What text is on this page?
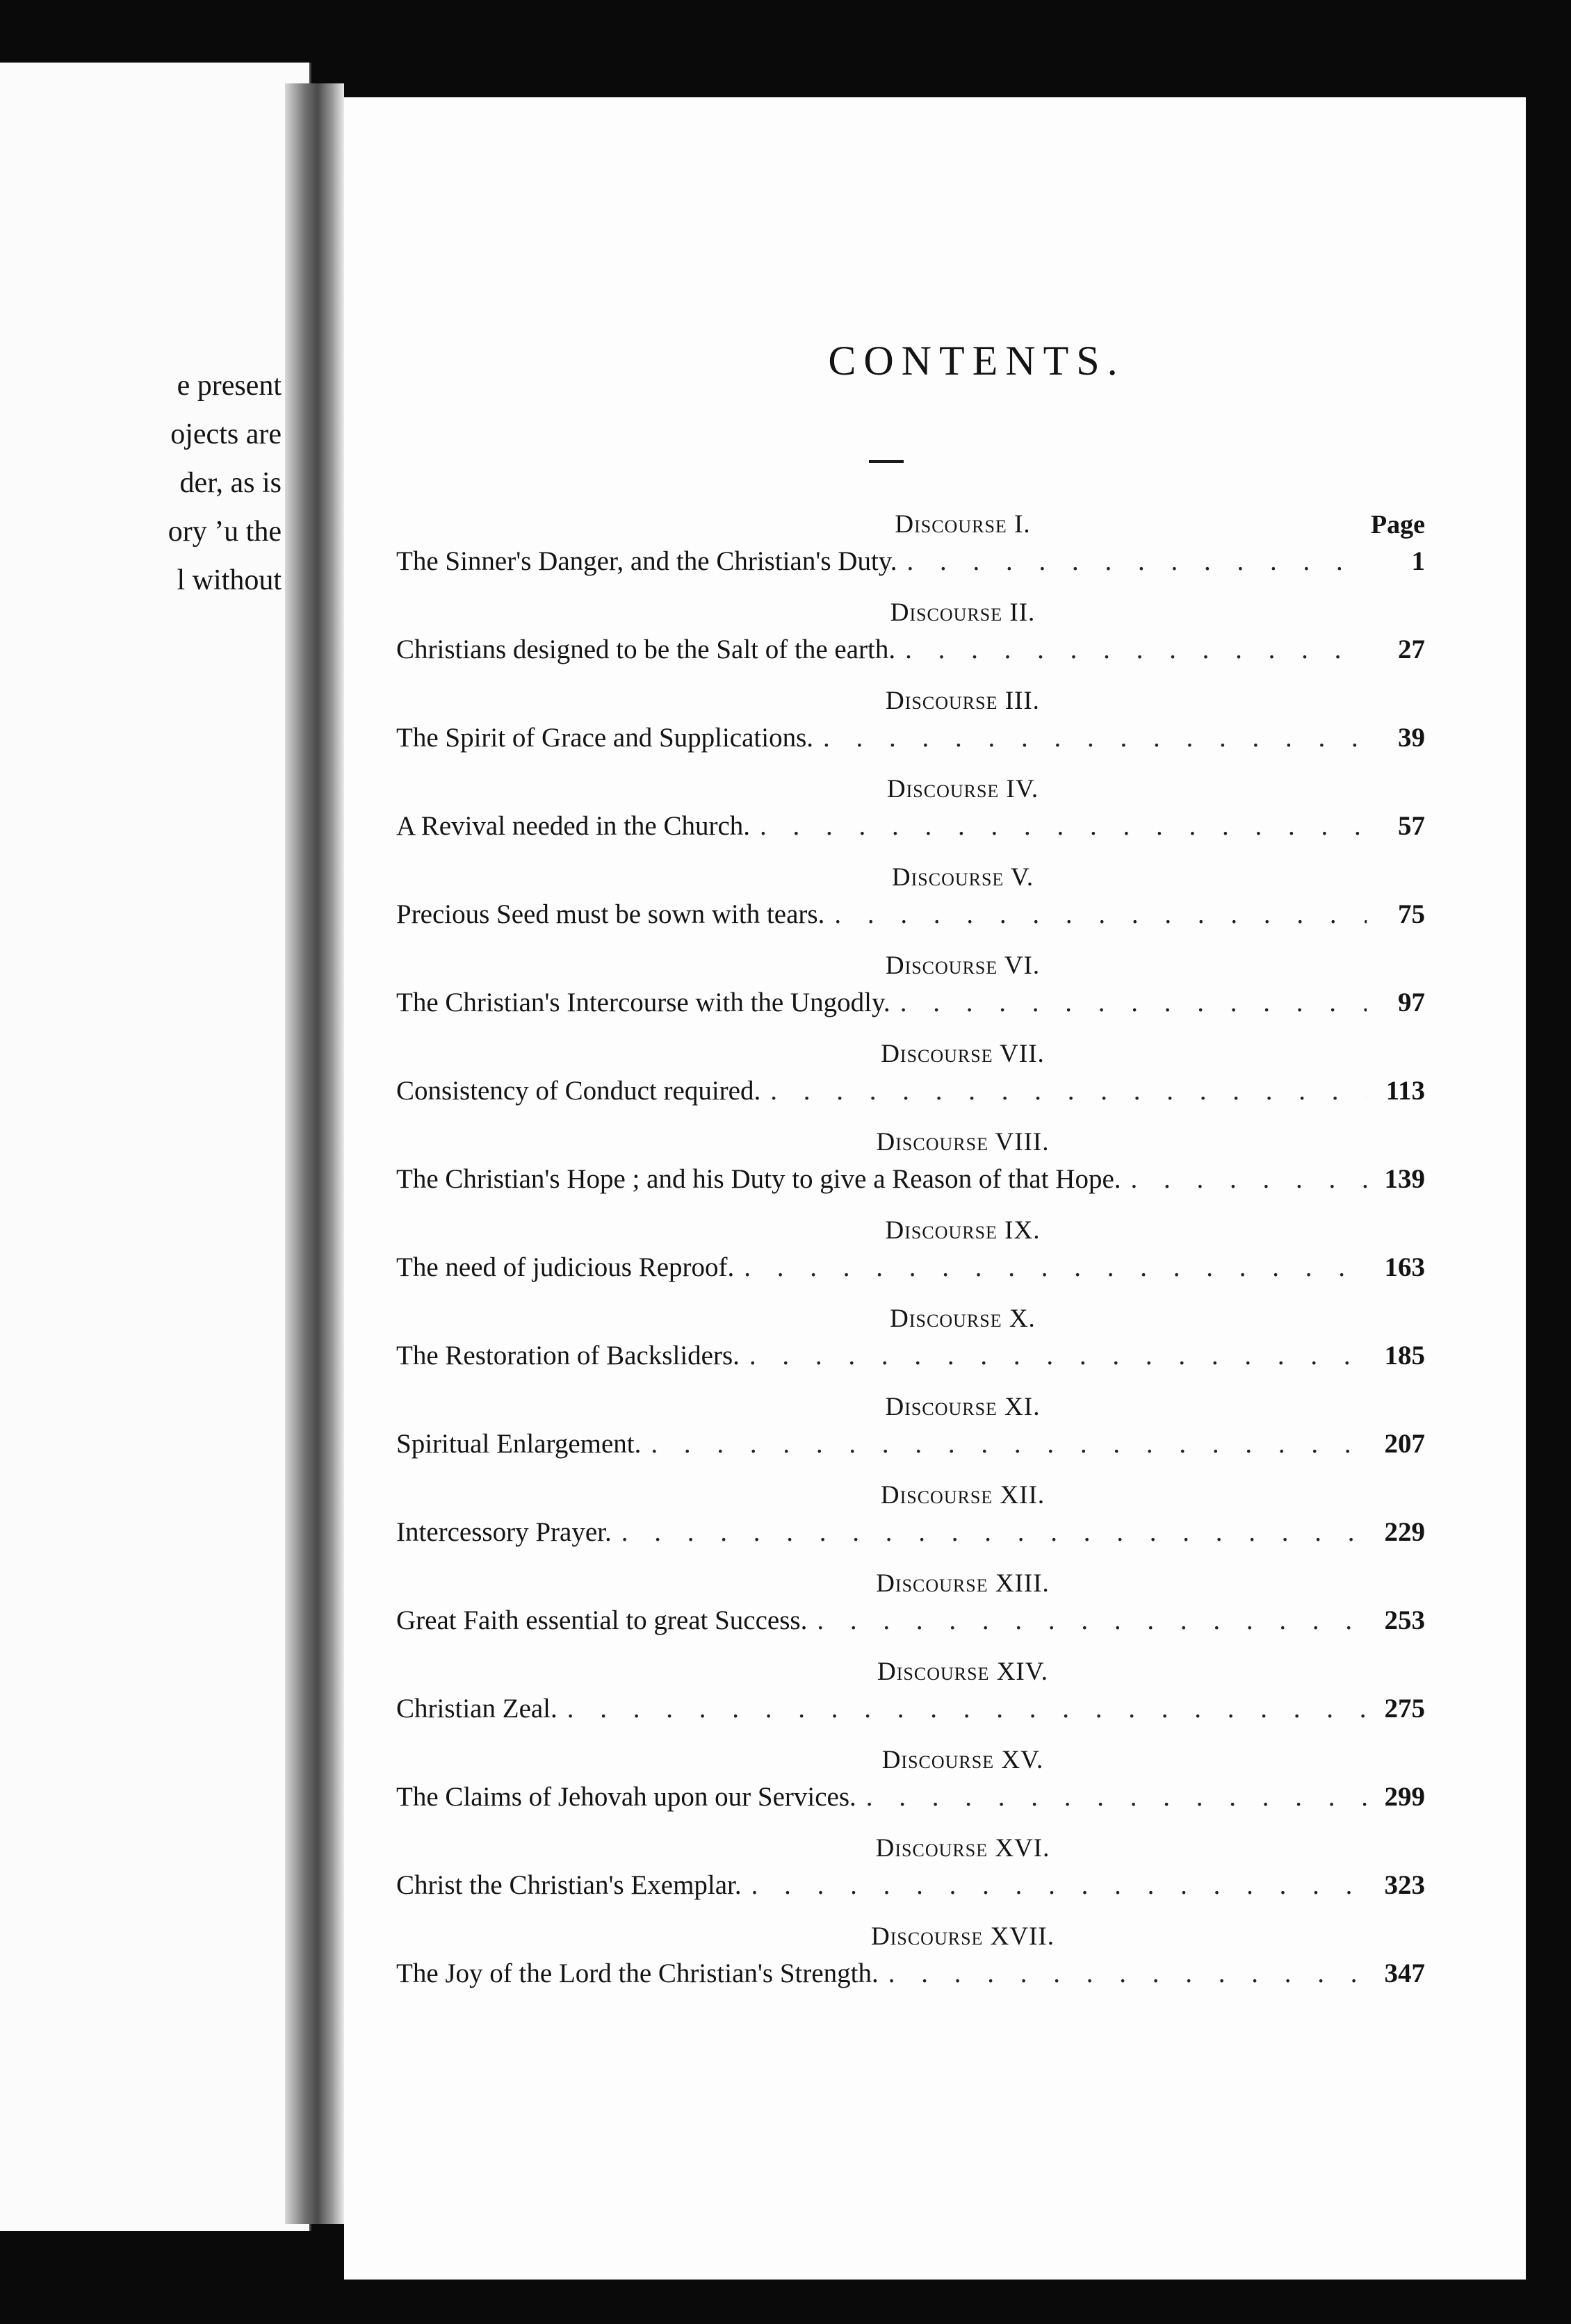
e present
ojects are
der, as is
ory ’u the
l without
CONTENTS.
Page
Discourse I.
The Sinner's Danger, and the Christian's Duty. . . .	1
Discourse II.
Christians designed to be the Salt of the earth. . . .	27
Discourse III.
The Spirit of Grace and Supplications. . . .	39
Discourse IV.
A Revival needed in the Church. . . .	57
Discourse V.
Precious Seed must be sown with tears. . . .	75
Discourse VI.
The Christian's Intercourse with the Ungodly. . . .	97
Discourse VII.
Consistency of Conduct required. . . .	113
Discourse VIII.
The Christian's Hope ; and his Duty to give a Reason of that Hope. . . .	139
Discourse IX.
The need of judicious Reproof. . . .	163
Discourse X.
The Restoration of Backsliders. . . .	185
Discourse XI.
Spiritual Enlargement. . . .	207
Discourse XII.
Intercessory Prayer. . . .	229
Discourse XIII.
Great Faith essential to great Success. . . .	253
Discourse XIV.
Christian Zeal. . . .	275
Discourse XV.
The Claims of Jehovah upon our Services. . . .	299
Discourse XVI.
Christ the Christian's Exemplar. . . .	323
Discourse XVII.
The Joy of the Lord the Christian's Strength. . . .	347
